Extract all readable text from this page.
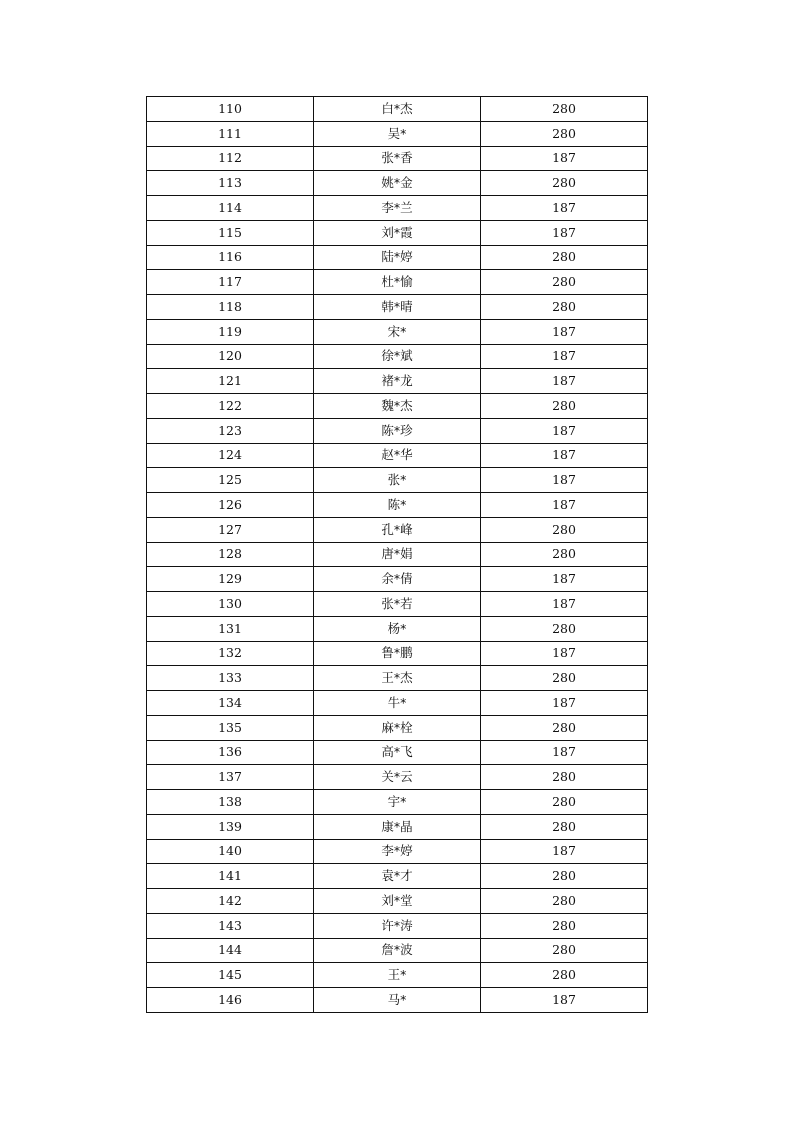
110	白*杰	280
111	吴*	280
112	张*香	187
113	姚*金	280
114	李*兰	187
115	刘*霞	187
116	陆*婷	280
117	杜*愉	280
118	韩*晴	280
119	宋*	187
120	徐*斌	187
121	褚*龙	187
122	魏*杰	280
123	陈*珍	187
124	赵*华	187
125	张*	187
126	陈*	187
127	孔*峰	280
128	唐*娟	280
129	余*倩	187
130	张*若	187
131	杨*	280
132	鲁*鹏	187
133	王*杰	280
134	牛*	187
135	麻*栓	280
136	高*飞	187
137	关*云	280
138	宇*	280
139	康*晶	280
140	李*婷	187
141	袁*才	280
142	刘*堂	280
143	许*涛	280
144	詹*波	280
145	王*	280
146	马*	187
